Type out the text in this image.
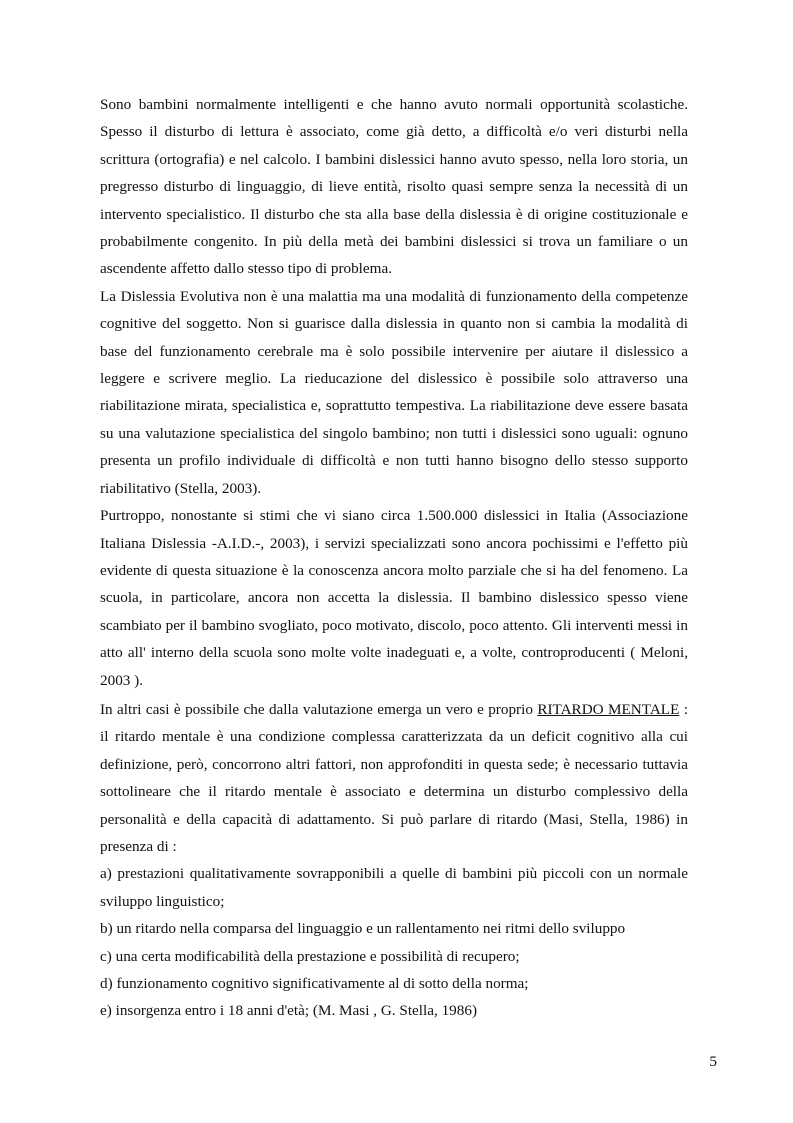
Sono bambini normalmente intelligenti e che hanno avuto normali opportunità scolastiche. Spesso il disturbo di lettura è associato, come già detto, a difficoltà e/o veri disturbi nella scrittura (ortografia) e nel calcolo. I bambini dislessici hanno avuto spesso, nella loro storia, un pregresso disturbo di linguaggio, di lieve entità, risolto quasi sempre senza la necessità di un intervento specialistico. Il disturbo che sta alla base della dislessia è di origine costituzionale e probabilmente congenito. In più della metà dei bambini dislessici si trova un familiare o un ascendente affetto dallo stesso tipo di problema.

La Dislessia Evolutiva non è una malattia ma una modalità di funzionamento della competenze cognitive del soggetto. Non si guarisce dalla dislessia in quanto non si cambia la modalità di base del funzionamento cerebrale ma è solo possibile intervenire per aiutare il dislessico a leggere e scrivere meglio. La rieducazione del dislessico è possibile solo attraverso una riabilitazione mirata, specialistica e, soprattutto tempestiva. La riabilitazione deve essere basata su una valutazione specialistica del singolo bambino; non tutti i dislessici sono uguali: ognuno presenta un profilo individuale di difficoltà e non tutti hanno bisogno dello stesso supporto riabilitativo (Stella, 2003).

Purtroppo, nonostante si stimi che vi siano circa 1.500.000 dislessici in Italia (Associazione Italiana Dislessia -A.I.D.-, 2003), i servizi specializzati sono ancora pochissimi e l'effetto più evidente di questa situazione è la conoscenza ancora molto parziale che si ha del fenomeno. La scuola, in particolare, ancora non accetta la dislessia. Il bambino dislessico spesso viene scambiato per il bambino svogliato, poco motivato, discolo, poco attento. Gli interventi messi in atto all' interno della scuola sono molte volte inadeguati e, a volte, controproducenti ( Meloni, 2003 ).

In altri casi è possibile che dalla valutazione emerga un vero e proprio RITARDO MENTALE : il ritardo mentale è una condizione complessa caratterizzata da un deficit cognitivo alla cui definizione, però, concorrono altri fattori, non approfonditi in questa sede; è necessario tuttavia sottolineare che il ritardo mentale è associato e determina un disturbo complessivo della personalità e della capacità di adattamento. Si può parlare di ritardo (Masi, Stella, 1986) in presenza di :

a) prestazioni qualitativamente sovrapponibili a quelle di bambini più piccoli con un normale sviluppo linguistico;

b) un ritardo nella comparsa del linguaggio e un rallentamento nei ritmi dello sviluppo

c) una certa modificabilità della prestazione e possibilità di recupero;

d) funzionamento cognitivo significativamente al di sotto della norma;

e) insorgenza entro i 18 anni d'età; (M. Masi , G. Stella, 1986)

5
